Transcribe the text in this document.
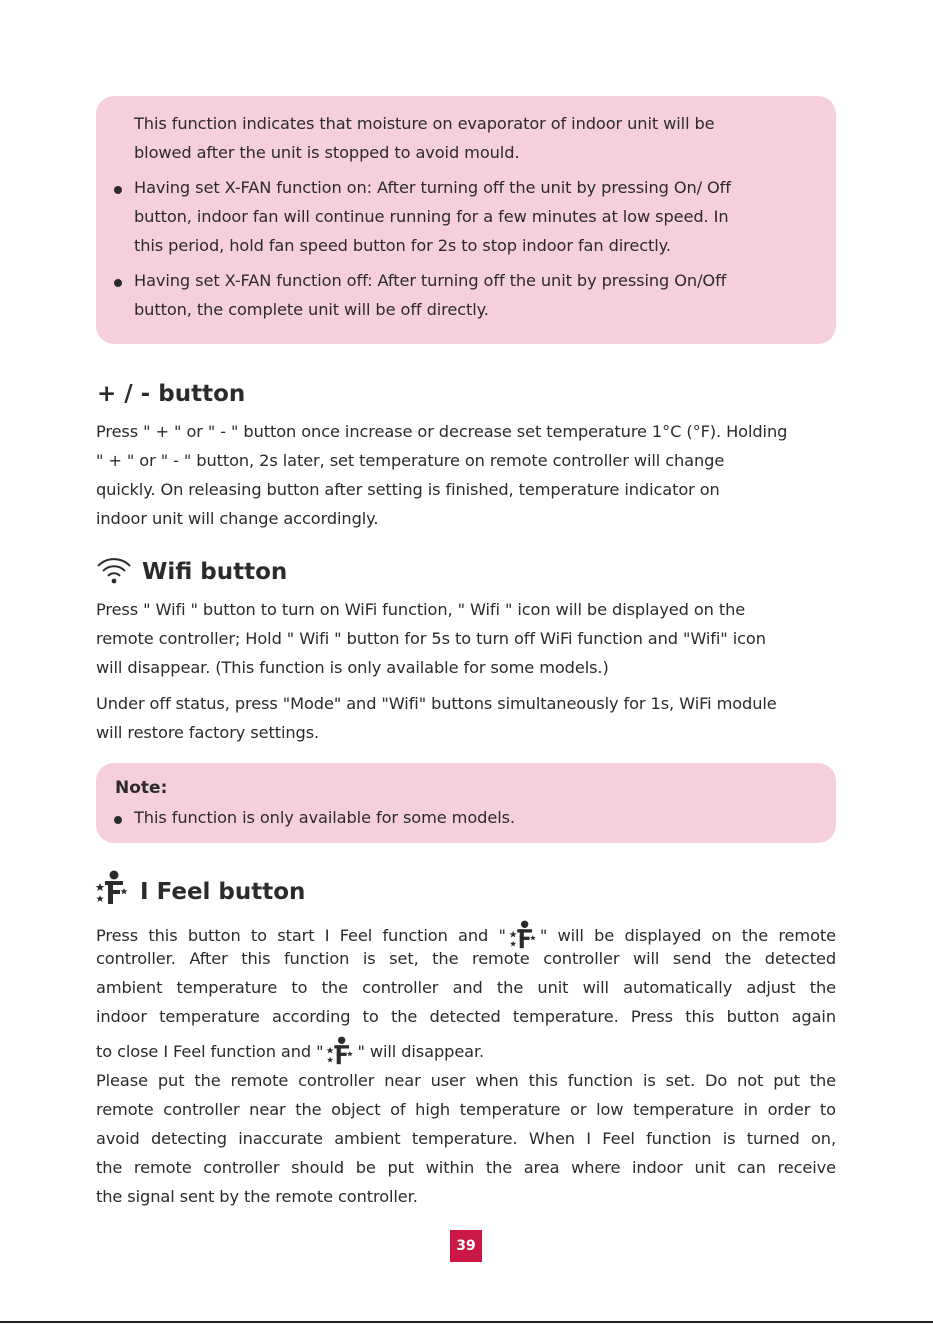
This function indicates that moisture on evaporator of indoor unit will be
blowed after the unit is stopped to avoid mould.
Having set X-FAN function on: After turning off the unit by pressing On/ Off
button, indoor fan will continue running for a few minutes at low speed. In
this period, hold fan speed button for 2s to stop indoor fan directly.
Having set X-FAN function off: After turning off the unit by pressing On/Off
button, the complete unit will be off directly.
+ / - button
Press " + " or " - " button once increase or decrease set temperature 1°C (°F). Holding
" + " or " - " button, 2s later, set temperature on remote controller will change
quickly. On releasing button after setting is finished, temperature indicator on
indoor unit will change accordingly.
Wifi button
Press " Wifi " button to turn on WiFi function, " Wifi " icon will be displayed on the
remote controller; Hold " Wifi " button for 5s to turn off WiFi function and "Wifi" icon
will disappear. (This function is only available for some models.)
Under off status, press "Mode" and "Wifi" buttons simultaneously for 1s, WiFi module
will restore factory settings.
Note:
This function is only available for some models.
I Feel button
Press this button to start I Feel function and " " will be displayed on the remote
controller. After this function is set, the remote controller will send the detected
ambient temperature to the controller and the unit will automatically adjust the
indoor temperature according to the detected temperature. Press this button again
to close I Feel function and " " will disappear.
Please put the remote controller near user when this function is set. Do not put the
remote controller near the object of high temperature or low temperature in order to
avoid detecting inaccurate ambient temperature. When I Feel function is turned on,
the remote controller should be put within the area where indoor unit can receive
the signal sent by the remote controller.
39
